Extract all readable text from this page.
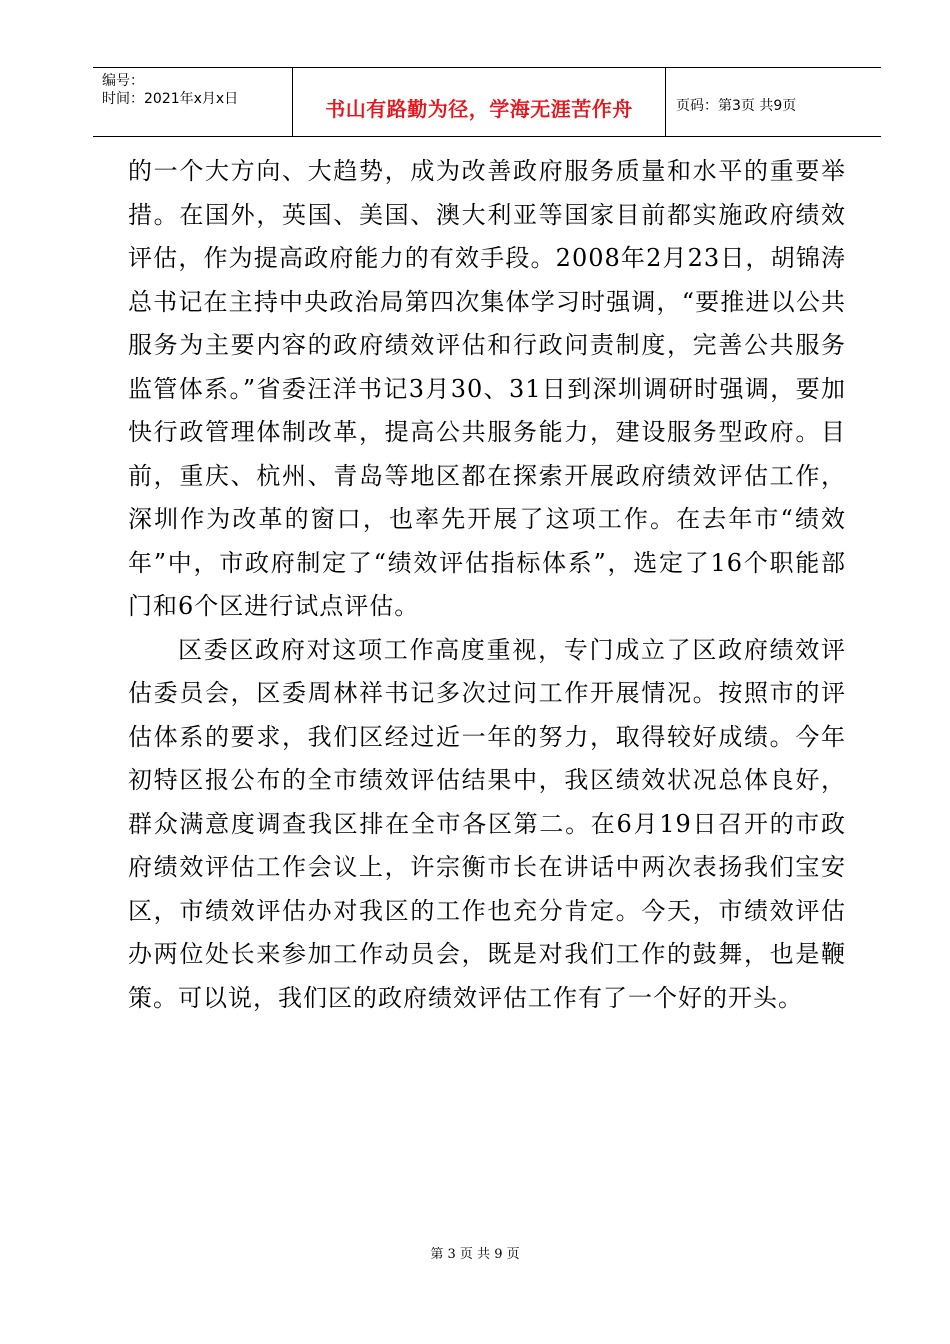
编号：
时间：2021年x月x日	书山有路勤为径，学海无涯苦作舟	页码：第3页 共9页

的一个大方向、大趋势，成为改善政府服务质量和水平的重要举措。在国外，英国、美国、澳大利亚等国家目前都实施政府绩效评估，作为提高政府能力的有效手段。2008年2月23日，胡锦涛总书记在主持中央政治局第四次集体学习时强调，“要推进以公共服务为主要内容的政府绩效评估和行政问责制度，完善公共服务监管体系。”省委汪洋书记3月30、31日到深圳调研时强调，要加快行政管理体制改革，提高公共服务能力，建设服务型政府。目前，重庆、杭州、青岛等地区都在探索开展政府绩效评估工作，深圳作为改革的窗口，也率先开展了这项工作。在去年市“绩效年”中，市政府制定了“绩效评估指标体系”，选定了16个职能部门和6个区进行试点评估。

区委区政府对这项工作高度重视，专门成立了区政府绩效评估委员会，区委周林祥书记多次过问工作开展情况。按照市的评估体系的要求，我们区经过近一年的努力，取得较好成绩。今年初特区报公布的全市绩效评估结果中，我区绩效状况总体良好，群众满意度调查我区排在全市各区第二。在6月19日召开的市政府绩效评估工作会议上，许宗衡市长在讲话中两次表扬我们宝安区，市绩效评估办对我区的工作也充分肯定。今天，市绩效评估办两位处长来参加工作动员会，既是对我们工作的鼓舞，也是鞭策。可以说，我们区的政府绩效评估工作有了一个好的开头。

第 3 页 共 9 页
